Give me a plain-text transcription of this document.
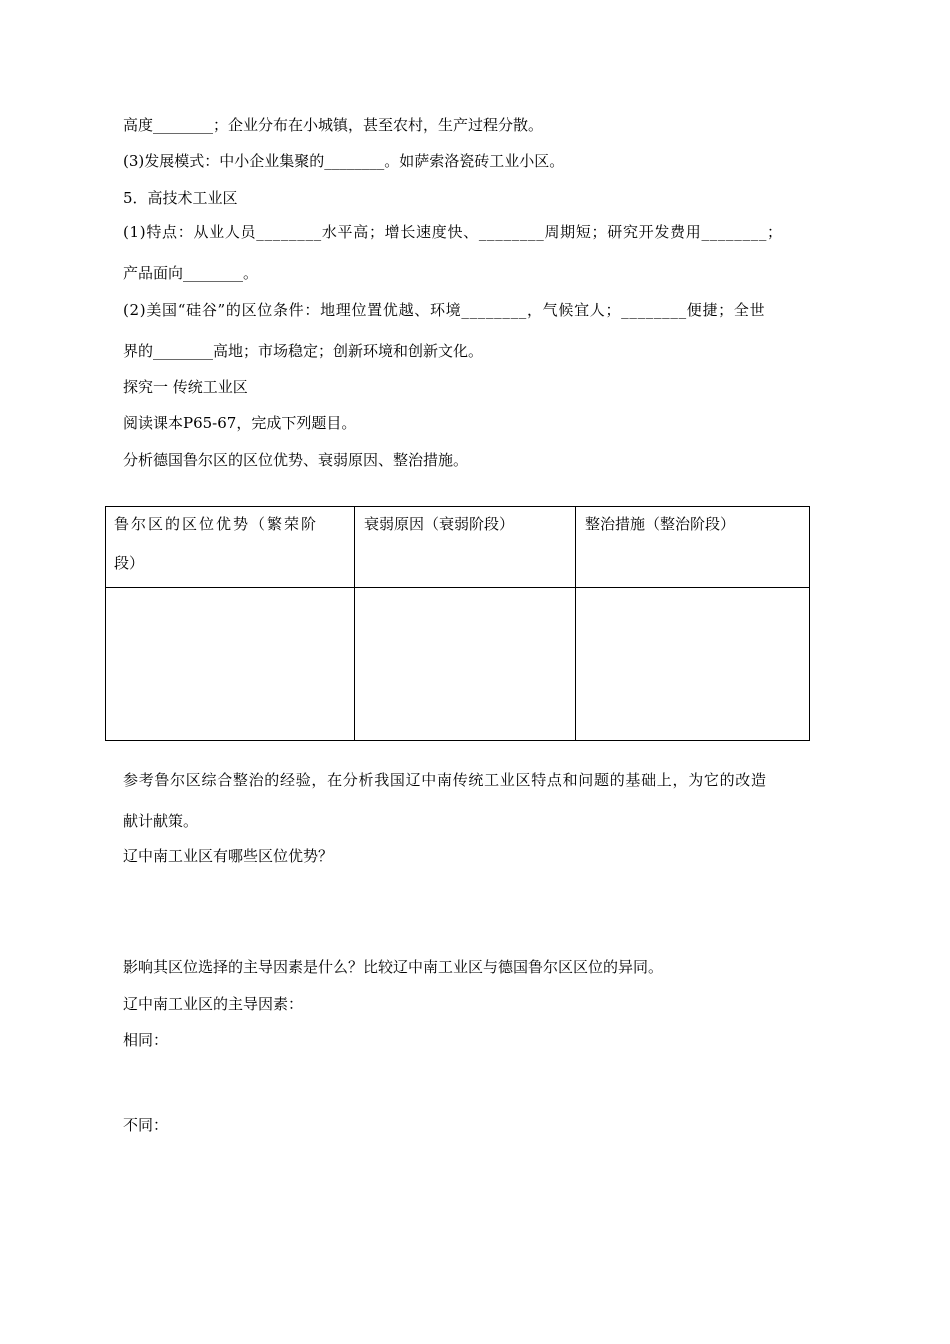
高度________；企业分布在小城镇，甚至农村，生产过程分散。
(3)发展模式：中小企业集聚的________。如萨索洛瓷砖工业小区。
5．高技术工业区
(1)特点：从业人员________水平高；增长速度快、________周期短；研究开发费用________；
产品面向________。
(2)美国“硅谷”的区位条件：地理位置优越、环境________，气候宜人；________便捷；全世
界的________高地；市场稳定；创新环境和创新文化。
探究一 传统工业区
阅读课本P65-67，完成下列题目。
分析德国鲁尔区的区位优势、衰弱原因、整治措施。
鲁尔区的区位优势（繁荣阶
段）
衰弱原因（衰弱阶段）	整治措施（整治阶段）
参考鲁尔区综合整治的经验，在分析我国辽中南传统工业区特点和问题的基础上，为它的改造
献计献策。
辽中南工业区有哪些区位优势？
影响其区位选择的主导因素是什么？比较辽中南工业区与德国鲁尔区区位的异同。
辽中南工业区的主导因素：
相同：
不同：
